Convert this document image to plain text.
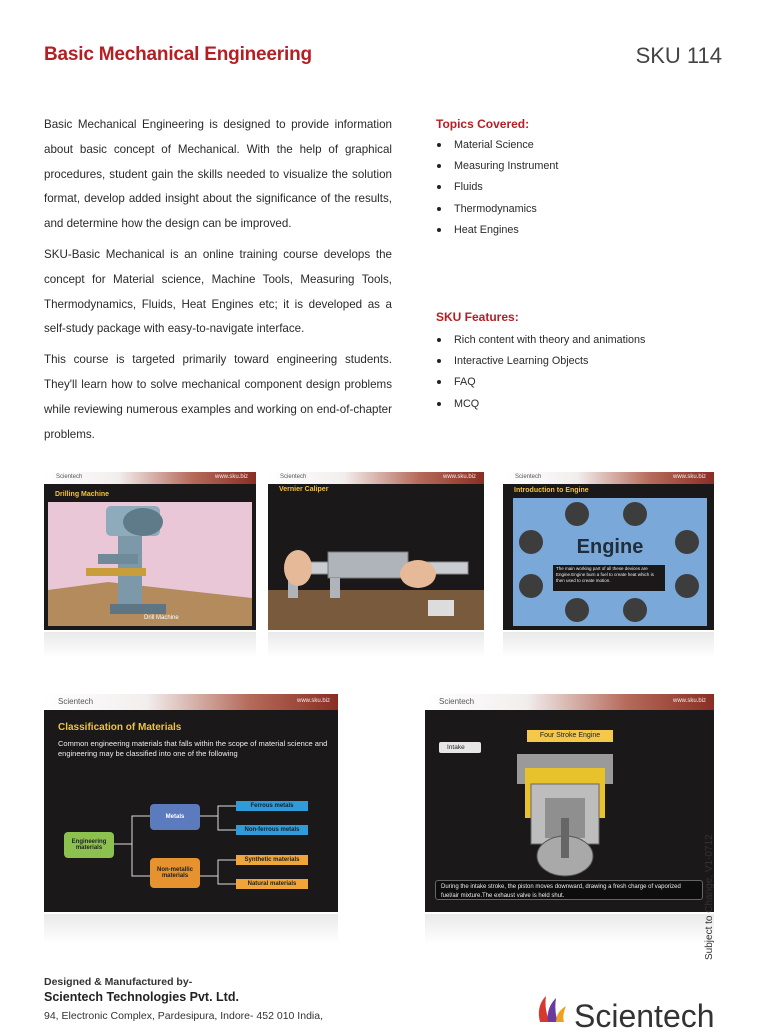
Basic Mechanical Engineering	SKU 114

Basic Mechanical Engineering is designed to provide information about basic concept of Mechanical. With the help of graphical procedures, student gain the skills needed to visualize the solution format, develop added insight about the significance of the results, and determine how the design can be improved.

SKU-Basic Mechanical is an online training course develops the concept for Material science, Machine Tools, Measuring Tools, Thermodynamics, Fluids, Heat Engines etc; it is developed as a self-study package with easy-to-navigate interface.

This course is targeted primarily toward engineering students. They'll learn how to solve mechanical component design problems while reviewing numerous examples and working on end-of-chapter problems.

Topics Covered:
Material Science
Measuring Instrument
Fluids
Thermodynamics
Heat Engines
SKU Features:
Rich content with theory and animations
Interactive Learning Objects
FAQ
MCQ
Scientech	www.sku.biz
Drilling Machine
Drill Machine
Scientech	www.sku.biz
Vernier Caliper
Scientech	www.sku.biz
Introduction to Engine
Engine
The main working part of all these devices are Engine.Engine burn a fuel to create heat which is then used to create motion.
Scientech	www.sku.biz
Classification of Materials
Common engineering materials that falls within the scope of material science and engineering may be classified into one of the following
Engineering materials
Metals
Non-metallic materials
Ferrous metals
Non-ferrous metals
Synthetic materials
Natural materials
Scientech	www.sku.biz
Four Stroke Engine
Intake
During the intake stroke, the piston moves downward, drawing a fresh charge of vaporized fuel/air mixture.The exhaust valve is held shut.
Designed & Manufactured by-
Scientech Technologies Pvt. Ltd.
94, Electronic Complex, Pardesipura, Indore- 452 010 India,
Subject to Change, V1-0712
Scientech
